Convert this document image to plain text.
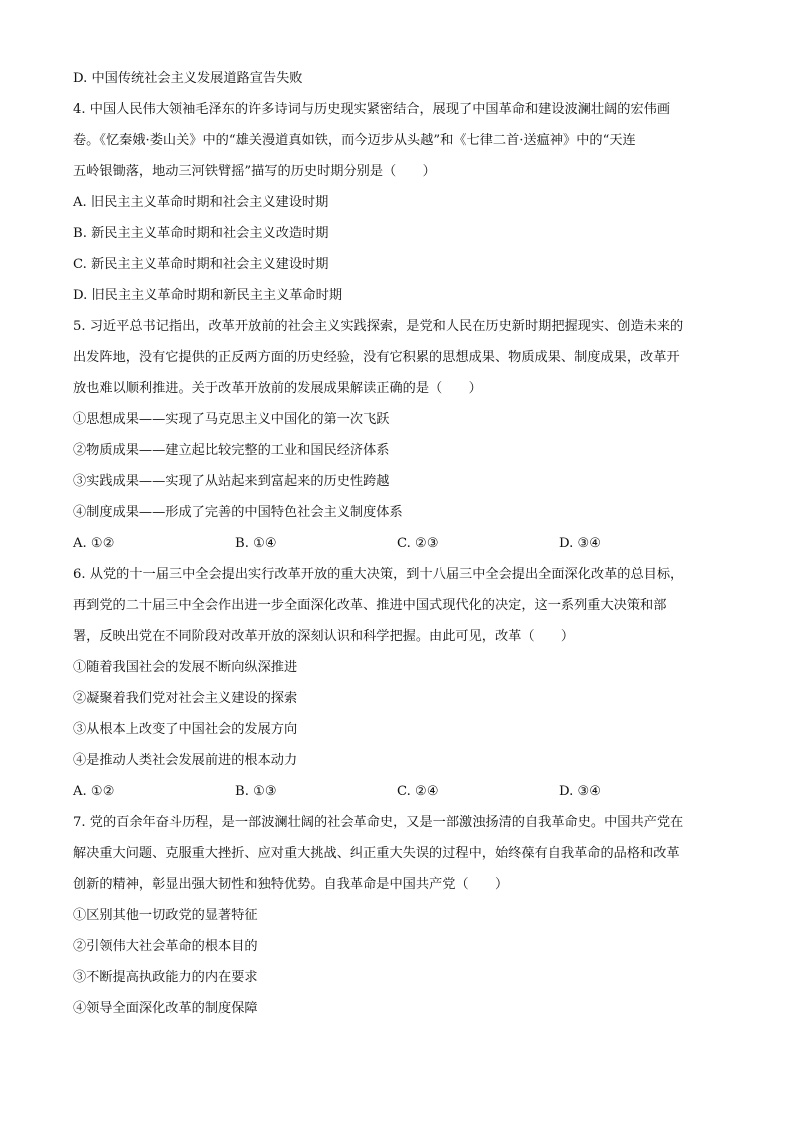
D. 中国传统社会主义发展道路宣告失败
4. 中国人民伟大领袖毛泽东的许多诗词与历史现实紧密结合，展现了中国革命和建设波澜壮阔的宏伟画
卷。《忆秦娥·娄山关》中的“雄关漫道真如铁，而今迈步从头越”和《七律二首·送瘟神》中的“天连
五岭银锄落，地动三河铁臂摇”描写的历史时期分别是（　　）
A. 旧民主主义革命时期和社会主义建设时期
B. 新民主主义革命时期和社会主义改造时期
C. 新民主主义革命时期和社会主义建设时期
D. 旧民主主义革命时期和新民主主义革命时期
5. 习近平总书记指出，改革开放前的社会主义实践探索，是党和人民在历史新时期把握现实、创造未来的
出发阵地，没有它提供的正反两方面的历史经验，没有它积累的思想成果、物质成果、制度成果，改革开
放也难以顺利推进。关于改革开放前的发展成果解读正确的是（　　）
①思想成果——实现了马克思主义中国化的第一次飞跃
②物质成果——建立起比较完整的工业和国民经济体系
③实践成果——实现了从站起来到富起来的历史性跨越
④制度成果——形成了完善的中国特色社会主义制度体系
A. ①②	B. ①④	C. ②③	D. ③④
6. 从党的十一届三中全会提出实行改革开放的重大决策，到十八届三中全会提出全面深化改革的总目标，
再到党的二十届三中全会作出进一步全面深化改革、推进中国式现代化的决定，这一系列重大决策和部
署，反映出党在不同阶段对改革开放的深刻认识和科学把握。由此可见，改革（　　）
①随着我国社会的发展不断向纵深推进
②凝聚着我们党对社会主义建设的探索
③从根本上改变了中国社会的发展方向
④是推动人类社会发展前进的根本动力
A. ①②	B. ①③	C. ②④	D. ③④
7. 党的百余年奋斗历程，是一部波澜壮阔的社会革命史，又是一部激浊扬清的自我革命史。中国共产党在
解决重大问题、克服重大挫折、应对重大挑战、纠正重大失误的过程中，始终葆有自我革命的品格和改革
创新的精神，彰显出强大韧性和独特优势。自我革命是中国共产党（　　）
①区别其他一切政党的显著特征
②引领伟大社会革命的根本目的
③不断提高执政能力的内在要求
④领导全面深化改革的制度保障
